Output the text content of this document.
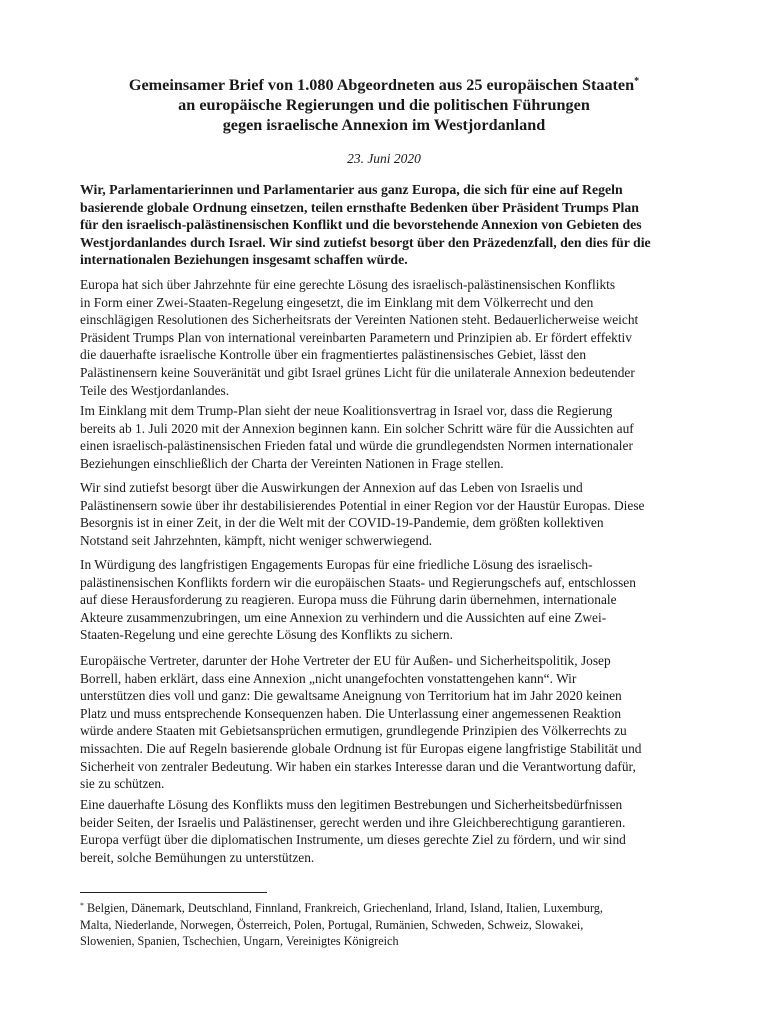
Gemeinsamer Brief von 1.080 Abgeordneten aus 25 europäischen Staaten*
an europäische Regierungen und die politischen Führungen
gegen israelische Annexion im Westjordanland
23. Juni 2020
Wir, Parlamentarierinnen und Parlamentarier aus ganz Europa, die sich für eine auf Regeln
basierende globale Ordnung einsetzen, teilen ernsthafte Bedenken über Präsident Trumps Plan
für den israelisch-palästinensischen Konflikt und die bevorstehende Annexion von Gebieten des
Westjordanlandes durch Israel. Wir sind zutiefst besorgt über den Präzedenzfall, den dies für die
internationalen Beziehungen insgesamt schaffen würde.
Europa hat sich über Jahrzehnte für eine gerechte Lösung des israelisch-palästinensischen Konflikts
in Form einer Zwei-Staaten-Regelung eingesetzt, die im Einklang mit dem Völkerrecht und den
einschlägigen Resolutionen des Sicherheitsrats der Vereinten Nationen steht. Bedauerlicherweise weicht
Präsident Trumps Plan von international vereinbarten Parametern und Prinzipien ab. Er fördert effektiv
die dauerhafte israelische Kontrolle über ein fragmentiertes palästinensisches Gebiet, lässt den
Palästinensern keine Souveränität und gibt Israel grünes Licht für die unilaterale Annexion bedeutender
Teile des Westjordanlandes.
Im Einklang mit dem Trump-Plan sieht der neue Koalitionsvertrag in Israel vor, dass die Regierung
bereits ab 1. Juli 2020 mit der Annexion beginnen kann. Ein solcher Schritt wäre für die Aussichten auf
einen israelisch-palästinensischen Frieden fatal und würde die grundlegendsten Normen internationaler
Beziehungen einschließlich der Charta der Vereinten Nationen in Frage stellen.
Wir sind zutiefst besorgt über die Auswirkungen der Annexion auf das Leben von Israelis und
Palästinensern sowie über ihr destabilisierendes Potential in einer Region vor der Haustür Europas. Diese
Besorgnis ist in einer Zeit, in der die Welt mit der COVID-19-Pandemie, dem größten kollektiven
Notstand seit Jahrzehnten, kämpft, nicht weniger schwerwiegend.
In Würdigung des langfristigen Engagements Europas für eine friedliche Lösung des israelisch-
palästinensischen Konflikts fordern wir die europäischen Staats- und Regierungschefs auf, entschlossen
auf diese Herausforderung zu reagieren. Europa muss die Führung darin übernehmen, internationale
Akteure zusammenzubringen, um eine Annexion zu verhindern und die Aussichten auf eine Zwei-
Staaten-Regelung und eine gerechte Lösung des Konflikts zu sichern.
Europäische Vertreter, darunter der Hohe Vertreter der EU für Außen- und Sicherheitspolitik, Josep
Borrell, haben erklärt, dass eine Annexion „nicht unangefochten vonstattengehen kann“. Wir
unterstützen dies voll und ganz: Die gewaltsame Aneignung von Territorium hat im Jahr 2020 keinen
Platz und muss entsprechende Konsequenzen haben. Die Unterlassung einer angemessenen Reaktion
würde andere Staaten mit Gebietsansprüchen ermutigen, grundlegende Prinzipien des Völkerrechts zu
missachten. Die auf Regeln basierende globale Ordnung ist für Europas eigene langfristige Stabilität und
Sicherheit von zentraler Bedeutung. Wir haben ein starkes Interesse daran und die Verantwortung dafür,
sie zu schützen.
Eine dauerhafte Lösung des Konflikts muss den legitimen Bestrebungen und Sicherheitsbedürfnissen
beider Seiten, der Israelis und Palästinenser, gerecht werden und ihre Gleichberechtigung garantieren.
Europa verfügt über die diplomatischen Instrumente, um dieses gerechte Ziel zu fördern, und wir sind
bereit, solche Bemühungen zu unterstützen.
* Belgien, Dänemark, Deutschland, Finnland, Frankreich, Griechenland, Irland, Island, Italien, Luxemburg,
Malta, Niederlande, Norwegen, Österreich, Polen, Portugal, Rumänien, Schweden, Schweiz, Slowakei,
Slowenien, Spanien, Tschechien, Ungarn, Vereinigtes Königreich
